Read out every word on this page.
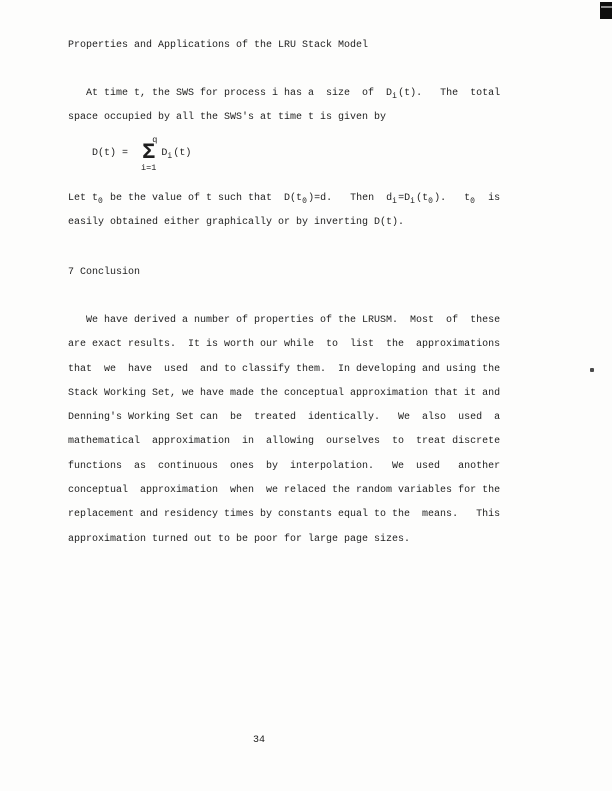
Properties and Applications of the LRU Stack Model
At time t, the SWS for process i has a  size  of  $D_i(t)$.   The  total
space occupied by all the SWS's at time t is given by
D(t) =
q
Σ
i=1
$D_i(t)$
Let $t_0$ be the value of t such that  $D(t_0)=d$.   Then  $d_i=D_i(t_0)$.   $t_0$  is
easily obtained either graphically or by inverting D(t).
7 Conclusion
We have derived a number of properties of the LRUSM.  Most  of  these
are exact results.  It is worth our while  to  list  the  approximations
that  we  have  used  and to classify them.  In developing and using the
Stack Working Set, we have made the conceptual approximation that it and
Denning's Working Set can  be  treated  identically.   We  also  used  a
mathematical  approximation  in  allowing  ourselves  to  treat discrete
functions  as  continuous  ones  by  interpolation.   We  used   another
conceptual  approximation  when  we relaced the random variables for the
replacement and residency times by constants equal to the  means.   This
approximation turned out to be poor for large page sizes.
34
